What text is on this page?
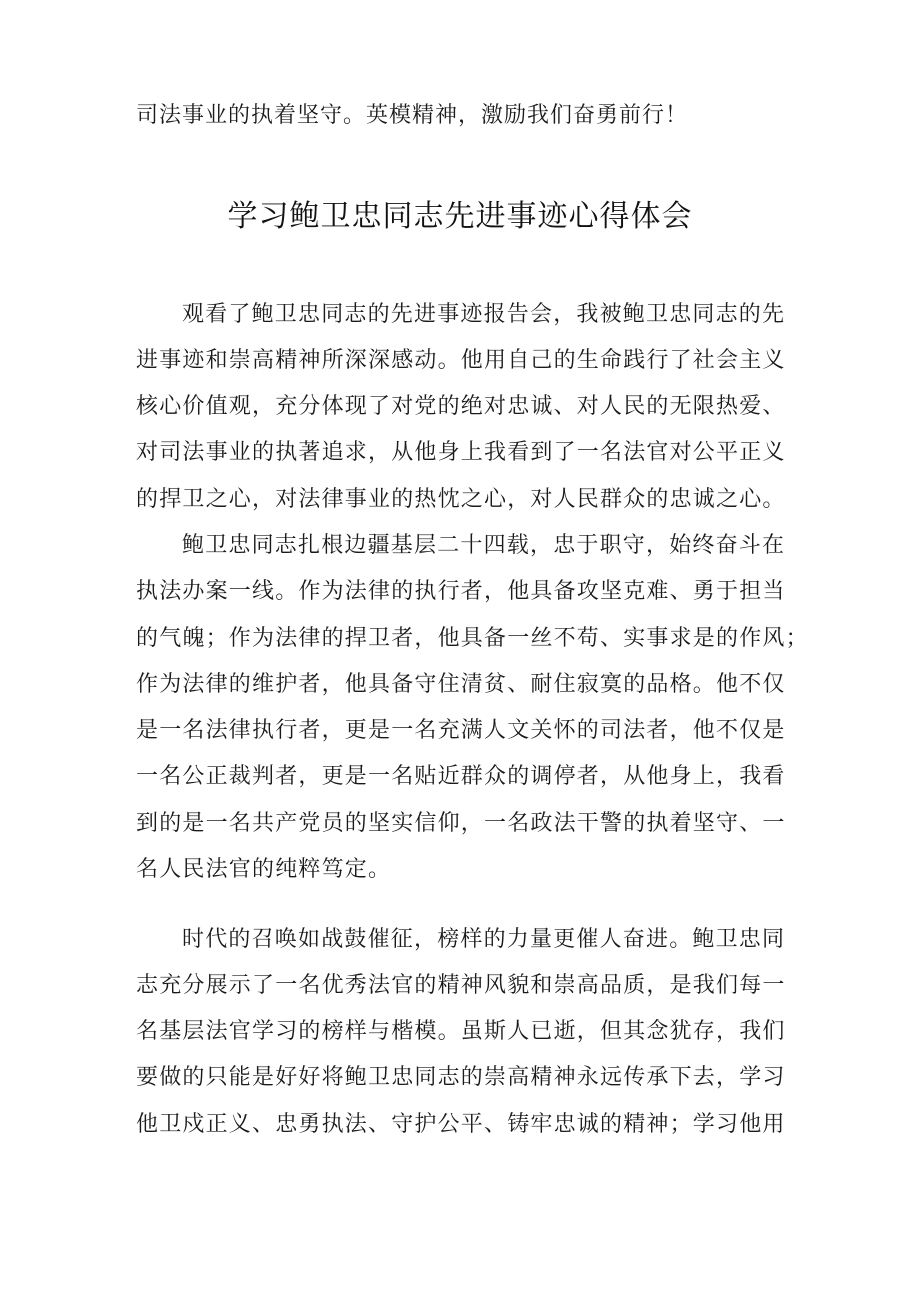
司法事业的执着坚守。英模精神，激励我们奋勇前行！
学习鲍卫忠同志先进事迹心得体会
观看了鲍卫忠同志的先进事迹报告会，我被鲍卫忠同志的先
进事迹和崇高精神所深深感动。他用自己的生命践行了社会主义
核心价值观，充分体现了对党的绝对忠诚、对人民的无限热爱、
对司法事业的执著追求，从他身上我看到了一名法官对公平正义
的捍卫之心，对法律事业的热忱之心，对人民群众的忠诚之心。
鲍卫忠同志扎根边疆基层二十四载，忠于职守，始终奋斗在
执法办案一线。作为法律的执行者，他具备攻坚克难、勇于担当
的气魄；作为法律的捍卫者，他具备一丝不苟、实事求是的作风；
作为法律的维护者，他具备守住清贫、耐住寂寞的品格。他不仅
是一名法律执行者，更是一名充满人文关怀的司法者，他不仅是
一名公正裁判者，更是一名贴近群众的调停者，从他身上，我看
到的是一名共产党员的坚实信仰，一名政法干警的执着坚守、一
名人民法官的纯粹笃定。
时代的召唤如战鼓催征，榜样的力量更催人奋进。鲍卫忠同
志充分展示了一名优秀法官的精神风貌和崇高品质，是我们每一
名基层法官学习的榜样与楷模。虽斯人已逝，但其念犹存，我们
要做的只能是好好将鲍卫忠同志的崇高精神永远传承下去，学习
他卫戍正义、忠勇执法、守护公平、铸牢忠诚的精神；学习他用
